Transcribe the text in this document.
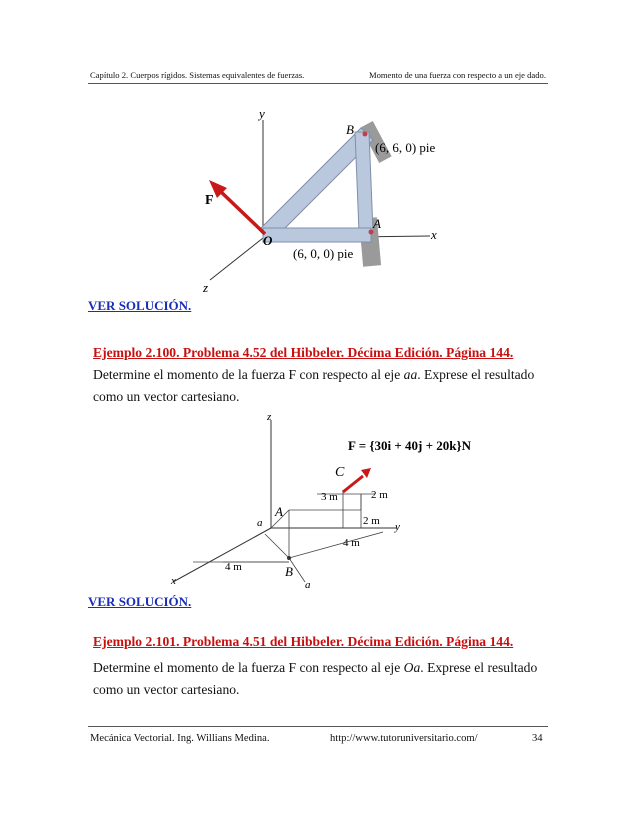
Capítulo 2. Cuerpos rígidos. Sistemas equivalentes de fuerzas.	Momento de una fuerza con respecto a un eje dado.
y
x
z
B
A
O
F
(6, 6, 0) pie
(6, 0, 0) pie
VER SOLUCIÓN.
Ejemplo 2.100. Problema 4.52 del Hibbeler. Décima Edición. Página 144.
Determine el momento de la fuerza F con respecto al eje aa. Exprese el resultado como un vector cartesiano.
F = {30i + 40j + 20k}N
z
y
x
C
A
B
a
a
3 m	2 m
2 m
4 m
4 m
VER SOLUCIÓN.
Ejemplo 2.101. Problema 4.51 del Hibbeler. Décima Edición. Página 144.
Determine el momento de la fuerza F con respecto al eje Oa. Exprese el resultado como un vector cartesiano.
Mecánica Vectorial. Ing. Willians Medina.	http://www.tutoruniversitario.com/	34
